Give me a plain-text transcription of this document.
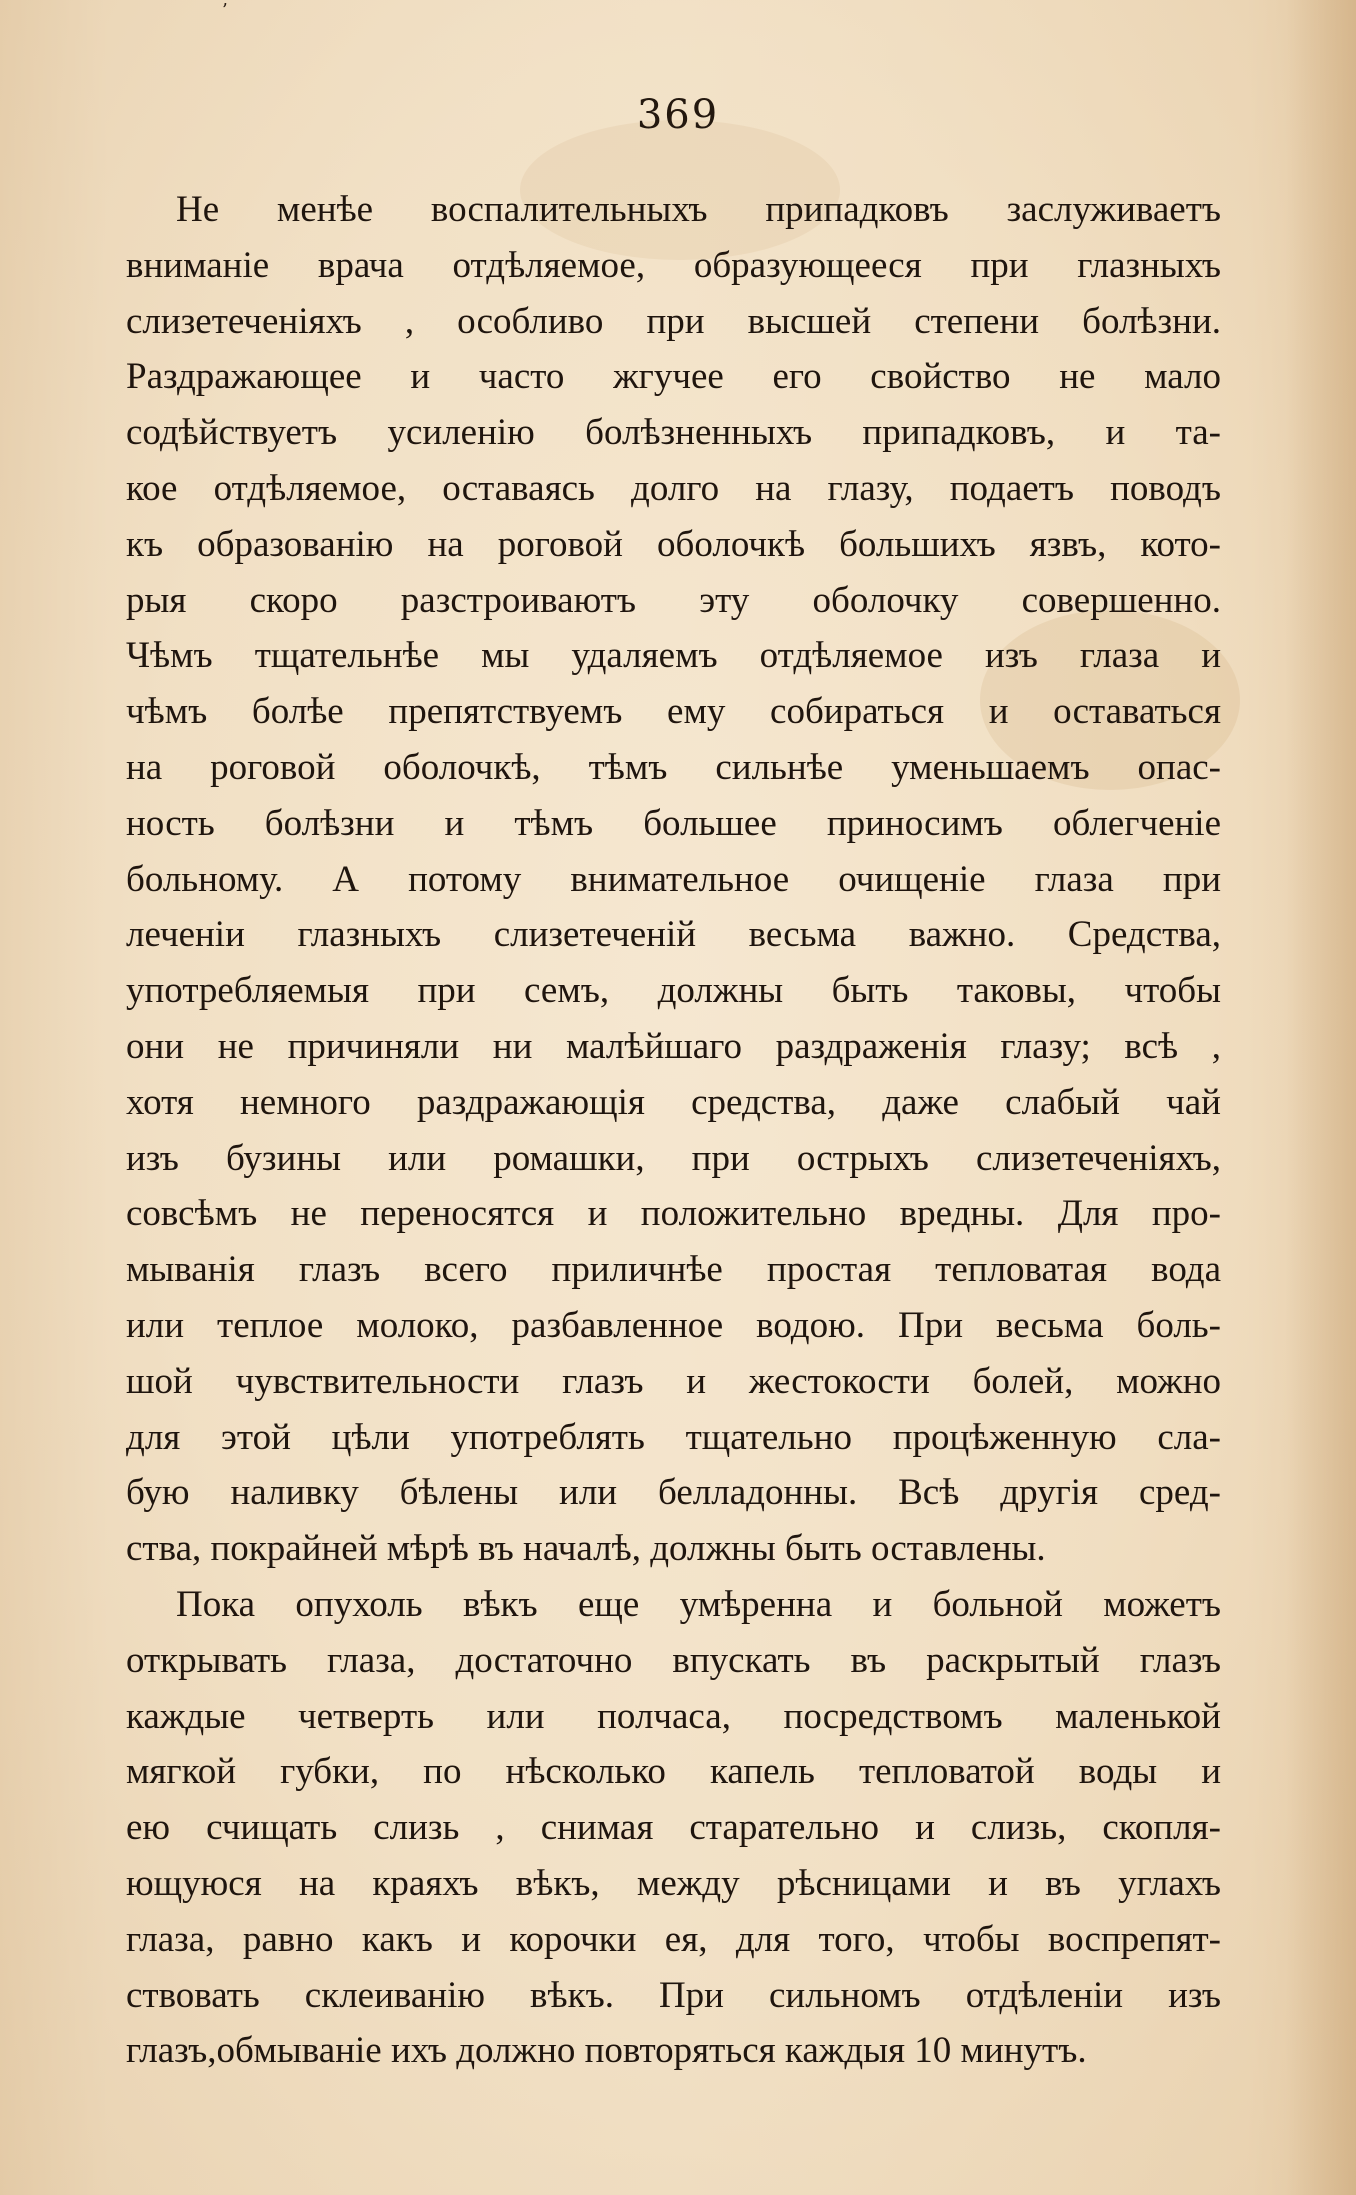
’
369
Не менѣе воспалительныхъ припадковъ заслуживаетъ
вниманіе врача отдѣляемое, образующееся при глазныхъ
слизетеченіяхъ , особливо при высшей степени болѣзни.
Раздражающее и часто жгучее его свойство не мало
содѣйствуетъ усиленію болѣзненныхъ припадковъ, и та-
кое отдѣляемое, оставаясь долго на глазу, подаетъ поводъ
къ образованію на роговой оболочкѣ большихъ язвъ, кото-
рыя скоро разстроиваютъ эту оболочку совершенно.
Чѣмъ тщательнѣе мы удаляемъ отдѣляемое изъ глаза и
чѣмъ болѣе препятствуемъ ему собираться и оставаться
на роговой оболочкѣ, тѣмъ сильнѣе уменьшаемъ опас-
ность болѣзни и тѣмъ большее приносимъ облегченіе
больному. А потому внимательное очищеніе глаза при
леченіи глазныхъ слизетеченій весьма важно. Средства,
употребляемыя при семъ, должны быть таковы, чтобы
они не причиняли ни малѣйшаго раздраженія глазу; всѣ ,
хотя немного раздражающія средства, даже слабый чай
изъ бузины или ромашки, при острыхъ слизетеченіяхъ,
совсѣмъ не переносятся и положительно вредны. Для про-
мыванія глазъ всего приличнѣе простая тепловатая вода
или теплое молоко, разбавленное водою. При весьма боль-
шой чувствительности глазъ и жестокости болей, можно
для этой цѣли употреблять тщательно процѣженную сла-
бую наливку бѣлены или белладонны. Всѣ другія сред-
ства, покрайней мѣрѣ въ началѣ, должны быть оставлены.
Пока опухоль вѣкъ еще умѣренна и больной можетъ
открывать глаза, достаточно впускать въ раскрытый глазъ
каждые четверть или полчаса, посредствомъ маленькой
мягкой губки, по нѣсколько капель тепловатой воды и
ею счищать слизь , снимая старательно и слизь, скопля-
ющуюся на краяхъ вѣкъ, между рѣсницами и въ углахъ
глаза, равно какъ и корочки ея, для того, чтобы воспрепят-
ствовать склеиванію вѣкъ. При сильномъ отдѣленіи изъ
глазъ,обмываніе ихъ должно повторяться каждыя 10 минутъ.
